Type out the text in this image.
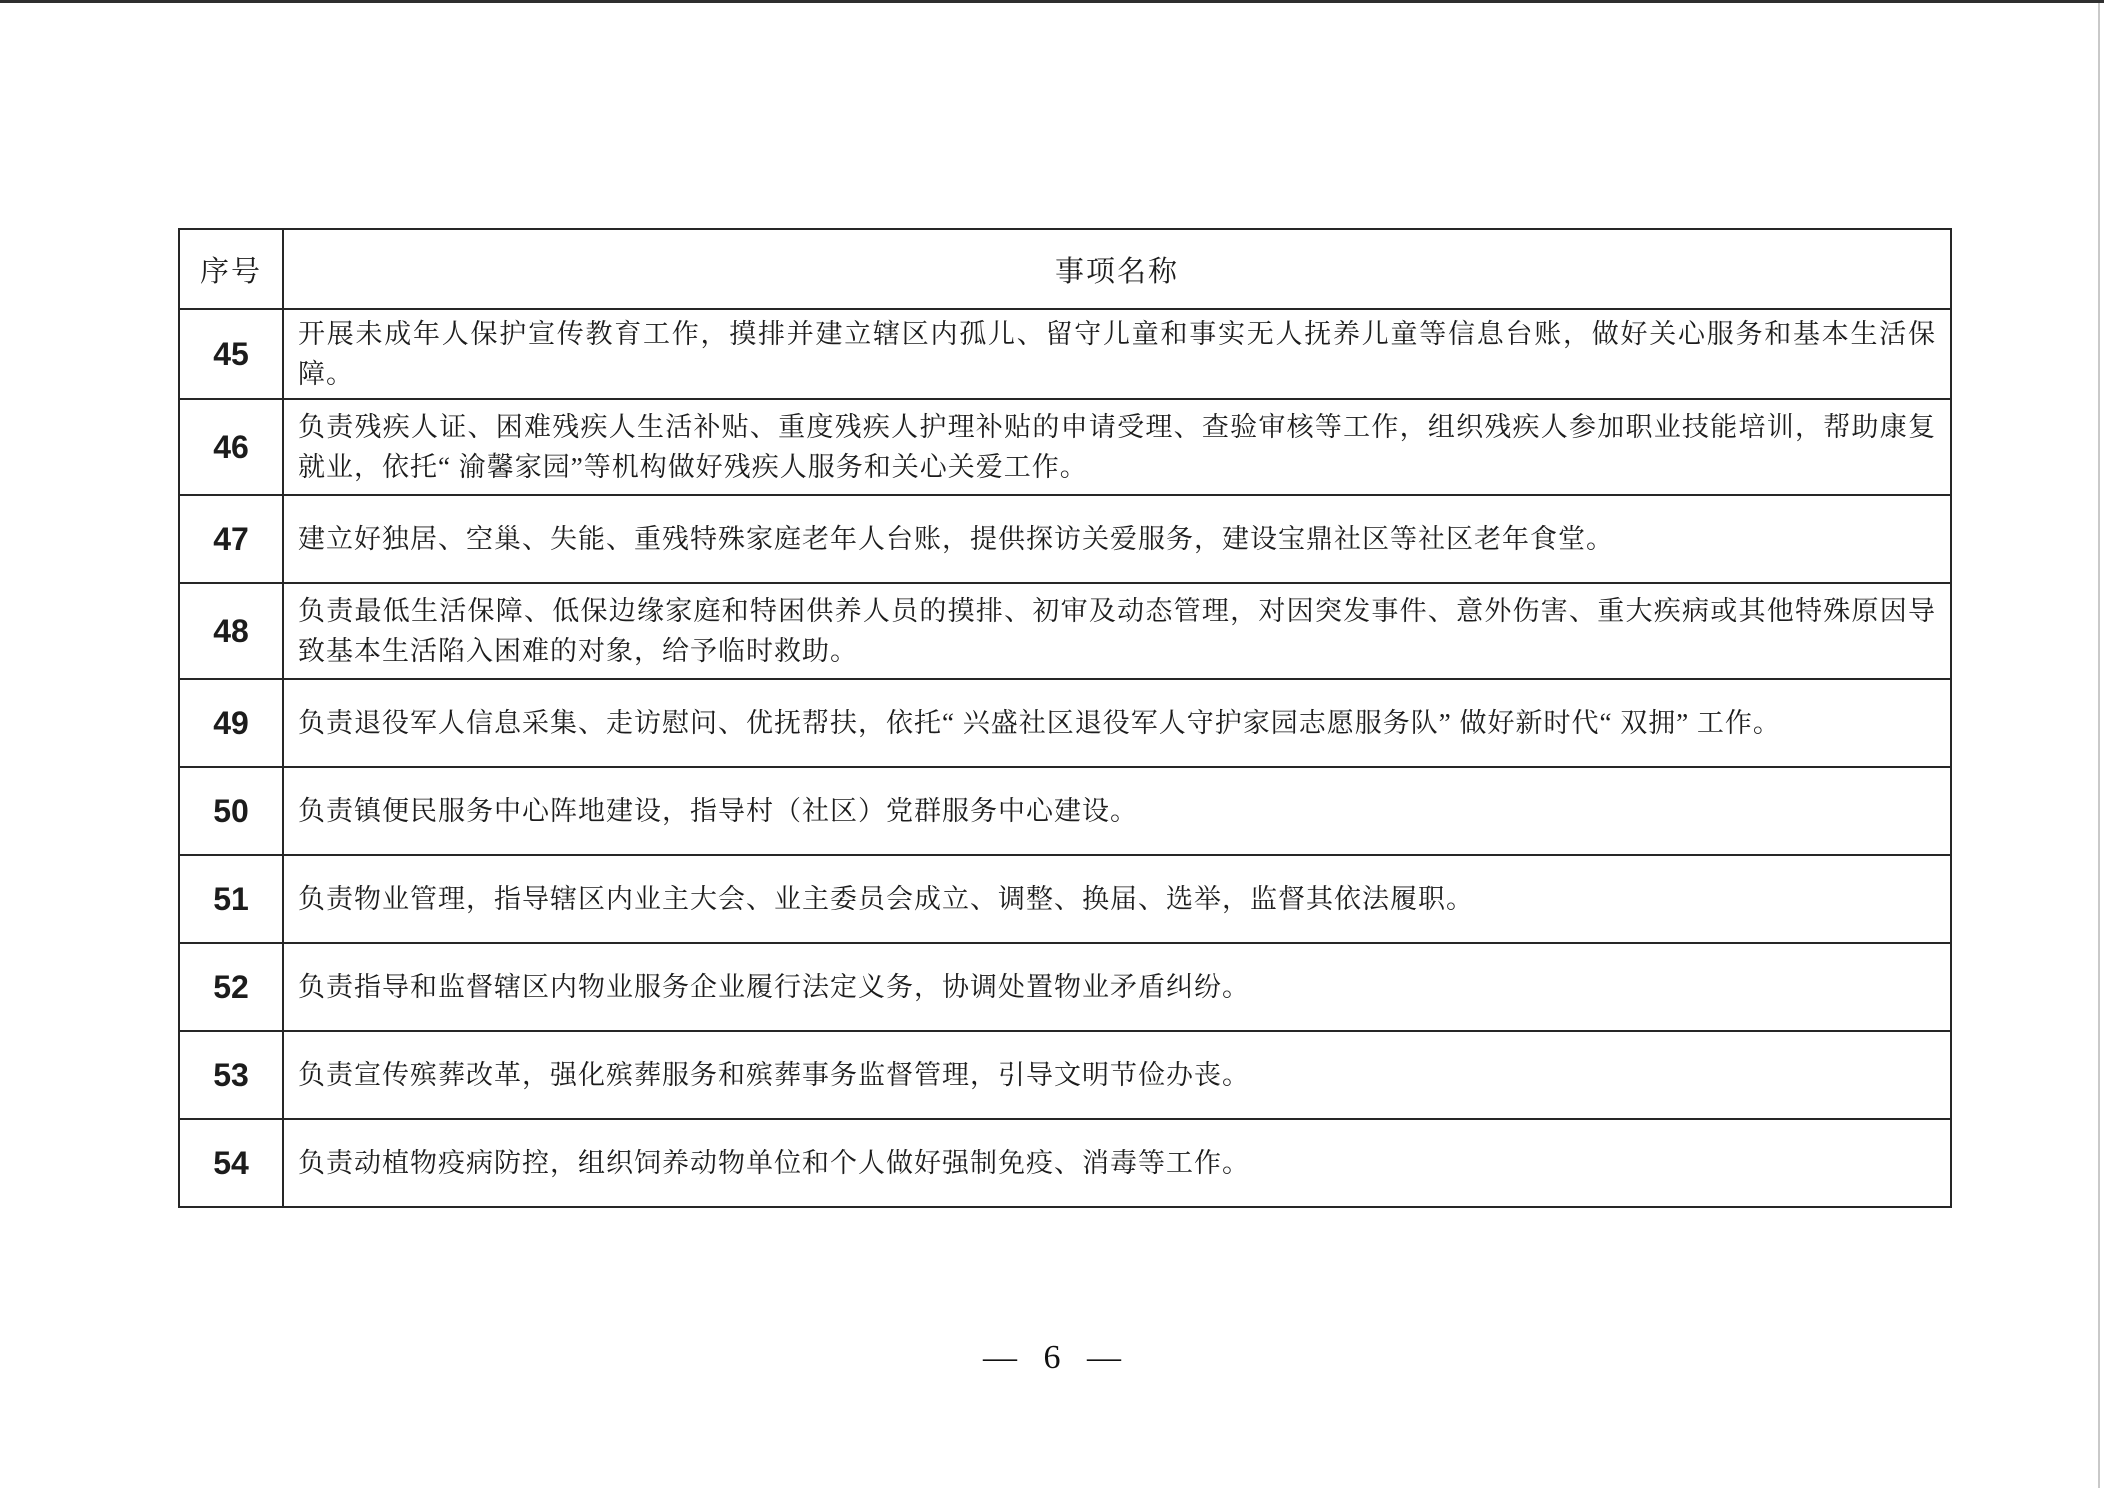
序号	事项名称
45	开展未成年人保护宣传教育工作，摸排并建立辖区内孤儿、留守儿童和事实无人抚养儿童等信息台账，做好关心服务和基本生活保障。
46	负责残疾人证、困难残疾人生活补贴、重度残疾人护理补贴的申请受理、查验审核等工作，组织残疾人参加职业技能培训，帮助康复就业，依托“ 渝馨家园”等机构做好残疾人服务和关心关爱工作。
47	建立好独居、空巢、失能、重残特殊家庭老年人台账，提供探访关爱服务，建设宝鼎社区等社区老年食堂。
48	负责最低生活保障、低保边缘家庭和特困供养人员的摸排、初审及动态管理，对因突发事件、意外伤害、重大疾病或其他特殊原因导致基本生活陷入困难的对象，给予临时救助。
49	负责退役军人信息采集、走访慰问、优抚帮扶，依托“ 兴盛社区退役军人守护家园志愿服务队” 做好新时代“ 双拥” 工作。
50	负责镇便民服务中心阵地建设，指导村（社区）党群服务中心建设。
51	负责物业管理，指导辖区内业主大会、业主委员会成立、调整、换届、选举，监督其依法履职。
52	负责指导和监督辖区内物业服务企业履行法定义务，协调处置物业矛盾纠纷。
53	负责宣传殡葬改革，强化殡葬服务和殡葬事务监督管理，引导文明节俭办丧。
54	负责动植物疫病防控，组织饲养动物单位和个人做好强制免疫、消毒等工作。
— 6 —
